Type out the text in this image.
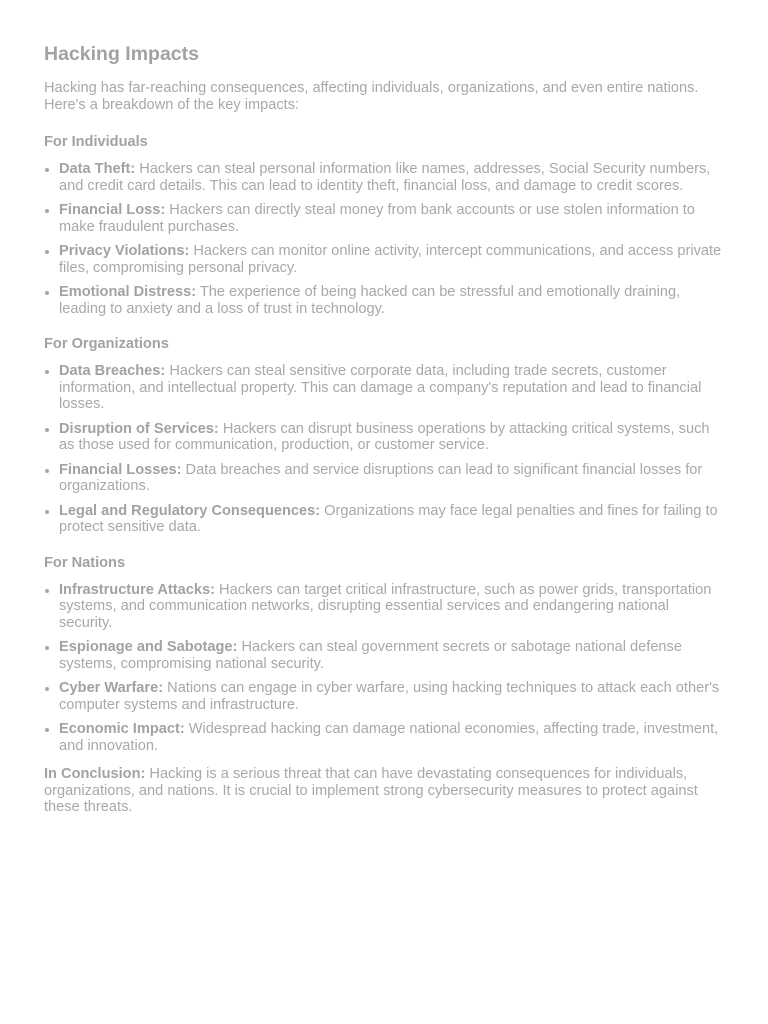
Hacking Impacts

Hacking has far-reaching consequences, affecting individuals, organizations, and even entire nations. Here's a breakdown of the key impacts:

For Individuals
Data Theft: Hackers can steal personal information like names, addresses, Social Security numbers, and credit card details. This can lead to identity theft, financial loss, and damage to credit scores.
Financial Loss: Hackers can directly steal money from bank accounts or use stolen information to make fraudulent purchases.
Privacy Violations: Hackers can monitor online activity, intercept communications, and access private files, compromising personal privacy.
Emotional Distress: The experience of being hacked can be stressful and emotionally draining, leading to anxiety and a loss of trust in technology.
For Organizations
Data Breaches: Hackers can steal sensitive corporate data, including trade secrets, customer information, and intellectual property. This can damage a company's reputation and lead to financial losses.
Disruption of Services: Hackers can disrupt business operations by attacking critical systems, such as those used for communication, production, or customer service.
Financial Losses: Data breaches and service disruptions can lead to significant financial losses for organizations.
Legal and Regulatory Consequences: Organizations may face legal penalties and fines for failing to protect sensitive data.
For Nations
Infrastructure Attacks: Hackers can target critical infrastructure, such as power grids, transportation systems, and communication networks, disrupting essential services and endangering national security.
Espionage and Sabotage: Hackers can steal government secrets or sabotage national defense systems, compromising national security.
Cyber Warfare: Nations can engage in cyber warfare, using hacking techniques to attack each other's computer systems and infrastructure.
Economic Impact: Widespread hacking can damage national economies, affecting trade, investment, and innovation.

In Conclusion: Hacking is a serious threat that can have devastating consequences for individuals, organizations, and nations. It is crucial to implement strong cybersecurity measures to protect against these threats.
